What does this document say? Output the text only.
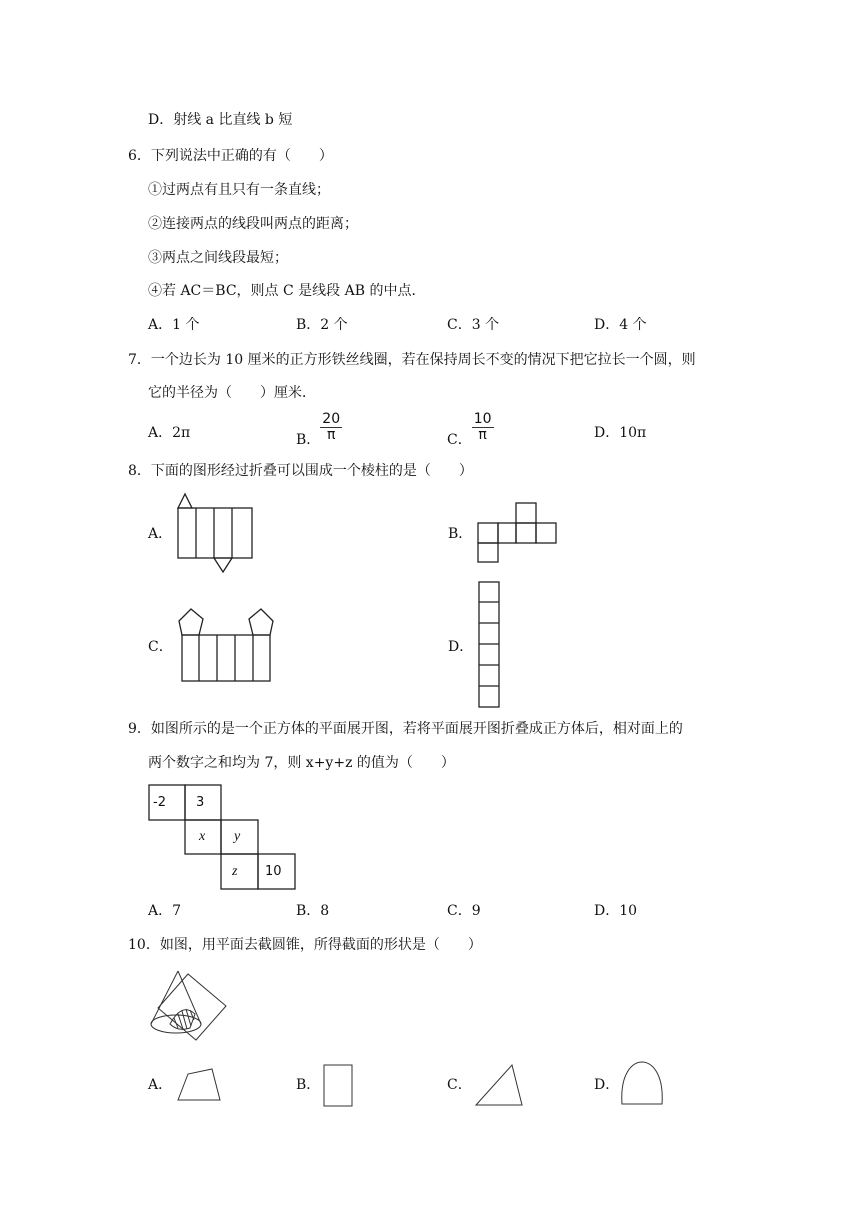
D．射线 a 比直线 b 短
6．下列说法中正确的有（　　）
①过两点有且只有一条直线；
②连接两点的线段叫两点的距离；
③两点之间线段最短；
④若 AC＝BC，则点 C 是线段 AB 的中点．
A．1 个	B．2 个	C．3 个	D．4 个
7．一个边长为 10 厘米的正方形铁丝线圈，若在保持周长不变的情况下把它拉长一个圆，则
它的半径为（　　）厘米．
A．2π	B． $\frac{20}{\pi}$	C． $\frac{10}{\pi}$	D．10π
8．下面的图形经过折叠可以围成一个棱柱的是（　　）
A．	B．
C．	D．
9．如图所示的是一个正方体的平面展开图，若将平面展开图折叠成正方体后，相对面上的
两个数字之和均为 7，则 x+y+z 的值为（　　）
-2 3
x y
z 10
A．7	B．8	C．9	D．10
10．如图，用平面去截圆锥，所得截面的形状是（　　）
A．	B．	C．	D．
